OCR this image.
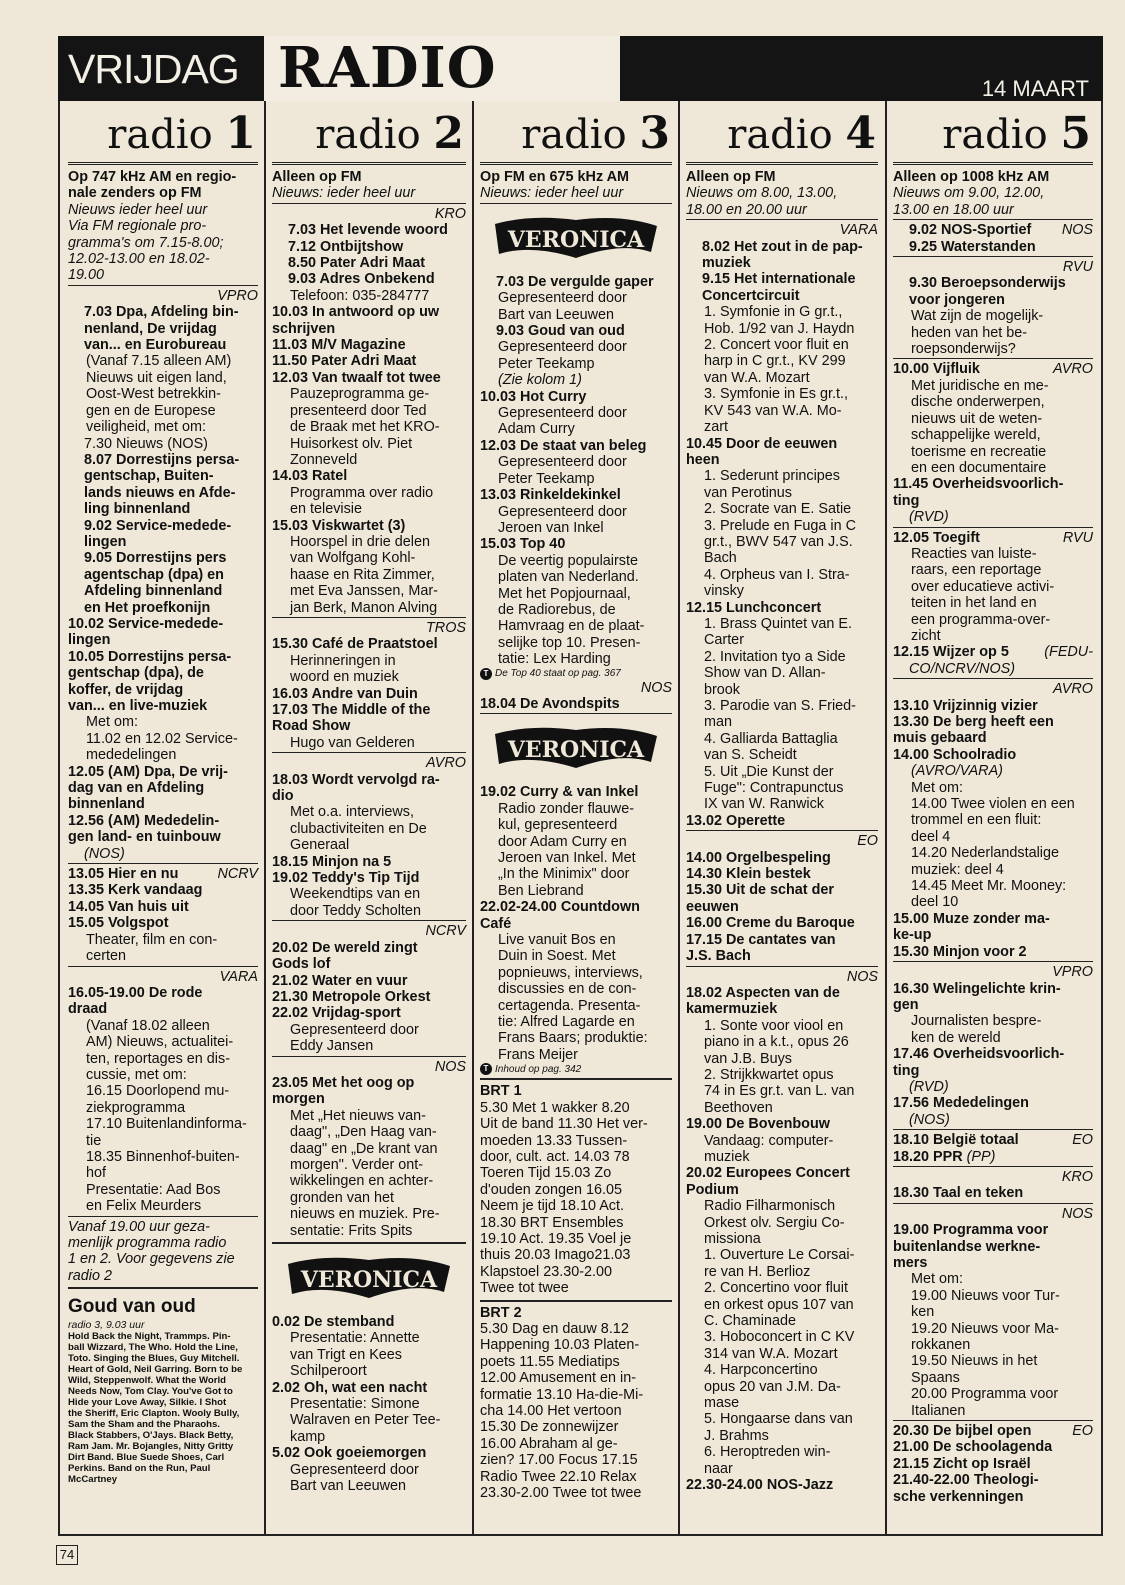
VRIJDAG RADIO	14 MAART
radio 1
Op 747 kHz AM en regio-
nale zenders op FM
Nieuws ieder heel uur
Via FM regionale pro-
gramma's om 7.15-8.00;
12.02-13.00 en 18.02-
19.00
VPRO
7.03 Dpa, Afdeling bin-
nenland, De vrijdag
van... en Eurobureau
(Vanaf 7.15 alleen AM)
Nieuws uit eigen land,
Oost-West betrekkin-
gen en de Europese
veiligheid, met om:
7.30 Nieuws (NOS)
8.07 Dorrestijns persa-
gentschap, Buiten-
lands nieuws en Afde-
ling binnenland
9.02 Service-medede-
lingen
9.05 Dorrestijns pers
agentschap (dpa) en
Afdeling binnenland
en Het proefkonijn
10.02 Service-medede-
lingen
10.05 Dorrestijns persa-
gentschap (dpa), de
koffer, de vrijdag
van... en live-muziek
Met om:
11.02 en 12.02 Service-
mededelingen
12.05 (AM) Dpa, De vrij-
dag van en Afdeling
binnenland
12.56 (AM) Mededelin-
gen land- en tuinbouw
(NOS)
13.05 Hier en nu	NCRV
13.35 Kerk vandaag
14.05 Van huis uit
15.05 Volgspot
Theater, film en con-
certen
VARA
16.05-19.00 De rode
draad
(Vanaf 18.02 alleen
AM) Nieuws, actualitei-
ten, reportages en dis-
cussie, met om:
16.15 Doorlopend mu-
ziekprogramma
17.10 Buitenlandinforma-
tie
18.35 Binnenhof-buiten-
hof
Presentatie: Aad Bos
en Felix Meurders
Vanaf 19.00 uur geza-
menlijk programma radio
1 en 2. Voor gegevens zie
radio 2
Goud van oud
radio 3, 9.03 uur
Hold Back the Night, Trammps. Pin-
ball Wizzard, The Who. Hold the Line,
Toto. Singing the Blues, Guy Mitchell.
Heart of Gold, Neil Garring. Born to be
Wild, Steppenwolf. What the World
Needs Now, Tom Clay. You've Got to
Hide your Love Away, Silkie. I Shot
the Sheriff, Eric Clapton. Wooly Bully,
Sam the Sham and the Pharaohs.
Black Stabbers, O'Jays. Black Betty,
Ram Jam. Mr. Bojangles, Nitty Gritty
Dirt Band. Blue Suede Shoes, Carl
Perkins. Band on the Run, Paul
McCartney
radio 2
Alleen op FM
Nieuws: ieder heel uur
KRO
7.03 Het levende woord
7.12 Ontbijtshow
8.50 Pater Adri Maat
9.03 Adres Onbekend
Telefoon: 035-284777
10.03 In antwoord op uw
schrijven
11.03 M/V Magazine
11.50 Pater Adri Maat
12.03 Van twaalf tot twee
Pauzeprogramma ge-
presenteerd door Ted
de Braak met het KRO-
Huisorkest olv. Piet
Zonneveld
14.03 Ratel
Programma over radio
en televisie
15.03 Viskwartet (3)
Hoorspel in drie delen
van Wolfgang Kohl-
haase en Rita Zimmer,
met Eva Janssen, Mar-
jan Berk, Manon Alving
TROS
15.30 Café de Praatstoel
Herinneringen in
woord en muziek
16.03 Andre van Duin
17.03 The Middle of the
Road Show
Hugo van Gelderen
AVRO
18.03 Wordt vervolgd ra-
dio
Met o.a. interviews,
clubactiviteiten en De
Generaal
18.15 Minjon na 5
19.02 Teddy's Tip Tijd
Weekendtips van en
door Teddy Scholten
NCRV
20.02 De wereld zingt
Gods lof
21.02 Water en vuur
21.30 Metropole Orkest
22.02 Vrijdag-sport
Gepresenteerd door
Eddy Jansen
NOS
23.05 Met het oog op
morgen
Met „Het nieuws van-
daag", „Den Haag van-
daag" en „De krant van
morgen". Verder ont-
wikkelingen en achter-
gronden van het
nieuws en muziek. Pre-
sentatie: Frits Spits
VERONICA
0.02 De stemband
Presentatie: Annette
van Trigt en Kees
Schilperoort
2.02 Oh, wat een nacht
Presentatie: Simone
Walraven en Peter Tee-
kamp
5.02 Ook goeiemorgen
Gepresenteerd door
Bart van Leeuwen
radio 3
Op FM en 675 kHz AM
Nieuws: ieder heel uur
VERONICA
7.03 De vergulde gaper
Gepresenteerd door
Bart van Leeuwen
9.03 Goud van oud
Gepresenteerd door
Peter Teekamp
(Zie kolom 1)
10.03 Hot Curry
Gepresenteerd door
Adam Curry
12.03 De staat van beleg
Gepresenteerd door
Peter Teekamp
13.03 Rinkeldekinkel
Gepresenteerd door
Jeroen van Inkel
15.03 Top 40
De veertig populairste
platen van Nederland.
Met het Popjournaal,
de Radiorebus, de
Hamvraag en de plaat-
selijke top 10. Presen-
tatie: Lex Harding
T De Top 40 staat op pag. 367
NOS
18.04 De Avondspits
VERONICA
19.02 Curry & van Inkel
Radio zonder flauwe-
kul, gepresenteerd
door Adam Curry en
Jeroen van Inkel. Met
„In the Minimix" door
Ben Liebrand
22.02-24.00 Countdown
Café
Live vanuit Bos en
Duin in Soest. Met
popnieuws, interviews,
discussies en de con-
certagenda. Presenta-
tie: Alfred Lagarde en
Frans Baars; produktie:
Frans Meijer
T Inhoud op pag. 342
BRT 1
5.30 Met 1 wakker 8.20
Uit de band 11.30 Het ver-
moeden 13.33 Tussen-
door, cult. act. 14.03 78
Toeren Tijd 15.03 Zo
d'ouden zongen 16.05
Neem je tijd 18.10 Act.
18.30 BRT Ensembles
19.10 Act. 19.35 Voel je
thuis 20.03 Imago21.03
Klapstoel 23.30-2.00
Twee tot twee
BRT 2
5.30 Dag en dauw 8.12
Happening 10.03 Platen-
poets 11.55 Mediatips
12.00 Amusement en in-
formatie 13.10 Ha-die-Mi-
cha 14.00 Het vertoon
15.30 De zonnewijzer
16.00 Abraham al ge-
zien? 17.00 Focus 17.15
Radio Twee 22.10 Relax
23.30-2.00 Twee tot twee
radio 4
Alleen op FM
Nieuws om 8.00, 13.00,
18.00 en 20.00 uur
VARA
8.02 Het zout in de pap-
muziek
9.15 Het internationale
Concertcircuit
1. Symfonie in G gr.t.,
Hob. 1/92 van J. Haydn
2. Concert voor fluit en
harp in C gr.t., KV 299
van W.A. Mozart
3. Symfonie in Es gr.t.,
KV 543 van W.A. Mo-
zart
10.45 Door de eeuwen
heen
1. Sederunt principes
van Perotinus
2. Socrate van E. Satie
3. Prelude en Fuga in C
gr.t., BWV 547 van J.S.
Bach
4. Orpheus van I. Stra-
vinsky
12.15 Lunchconcert
1. Brass Quintet van E.
Carter
2. Invitation tyo a Side
Show van D. Allan-
brook
3. Parodie van S. Fried-
man
4. Galliarda Battaglia
van S. Scheidt
5. Uit „Die Kunst der
Fuge": Contrapunctus
IX van W. Ranwick
13.02 Operette
EO
14.00 Orgelbespeling
14.30 Klein bestek
15.30 Uit de schat der
eeuwen
16.00 Creme du Baroque
17.15 De cantates van
J.S. Bach
NOS
18.02 Aspecten van de
kamermuziek
1. Sonte voor viool en
piano in a k.t., opus 26
van J.B. Buys
2. Strijkkwartet opus
74 in Es gr.t. van L. van
Beethoven
19.00 De Bovenbouw
Vandaag: computer-
muziek
20.02 Europees Concert
Podium
Radio Filharmonisch
Orkest olv. Sergiu Co-
missiona
1. Ouverture Le Corsai-
re van H. Berlioz
2. Concertino voor fluit
en orkest opus 107 van
C. Chaminade
3. Hoboconcert in C KV
314 van W.A. Mozart
4. Harpconcertino
opus 20 van J.M. Da-
mase
5. Hongaarse dans van
J. Brahms
6. Heroptreden win-
naar
22.30-24.00 NOS-Jazz
radio 5
Alleen op 1008 kHz AM
Nieuws om 9.00, 12.00,
13.00 en 18.00 uur
9.02 NOS-Sportief NOS
9.25 Waterstanden
RVU
9.30 Beroepsonderwijs
voor jongeren
Wat zijn de mogelijk-
heden van het be-
roepsonderwijs?
10.00 Vijfluik	AVRO
Met juridische en me-
dische onderwerpen,
nieuws uit de weten-
schappelijke wereld,
toerisme en recreatie
en een documentaire
11.45 Overheidsvoorlich-
ting
(RVD)
12.05 Toegift	RVU
Reacties van luiste-
raars, een reportage
over educatieve activi-
teiten in het land en
een programma-over-
zicht
12.15 Wijzer op 5 (FEDU-
CO/NCRV/NOS)
AVRO
13.10 Vrijzinnig vizier
13.30 De berg heeft een
muis gebaard
14.00 Schoolradio
(AVRO/VARA)
Met om:
14.00 Twee violen en een
trommel en een fluit:
deel 4
14.20 Nederlandstalige
muziek: deel 4
14.45 Meet Mr. Mooney:
deel 10
15.00 Muze zonder ma-
ke-up
15.30 Minjon voor 2
VPRO
16.30 Welingelichte krin-
gen
Journalisten bespre-
ken de wereld
17.46 Overheidsvoorlich-
ting
(RVD)
17.56 Mededelingen
(NOS)
18.10 België totaal	EO
18.20 PPR (PP)
KRO
18.30 Taal en teken
NOS
19.00 Programma voor
buitenlandse werkne-
mers
Met om:
19.00 Nieuws voor Tur-
ken
19.20 Nieuws voor Ma-
rokkanen
19.50 Nieuws in het
Spaans
20.00 Programma voor
Italianen
20.30 De bijbel open	EO
21.00 De schoolagenda
21.15 Zicht op Israël
21.40-22.00 Theologi-
sche verkenningen
74
